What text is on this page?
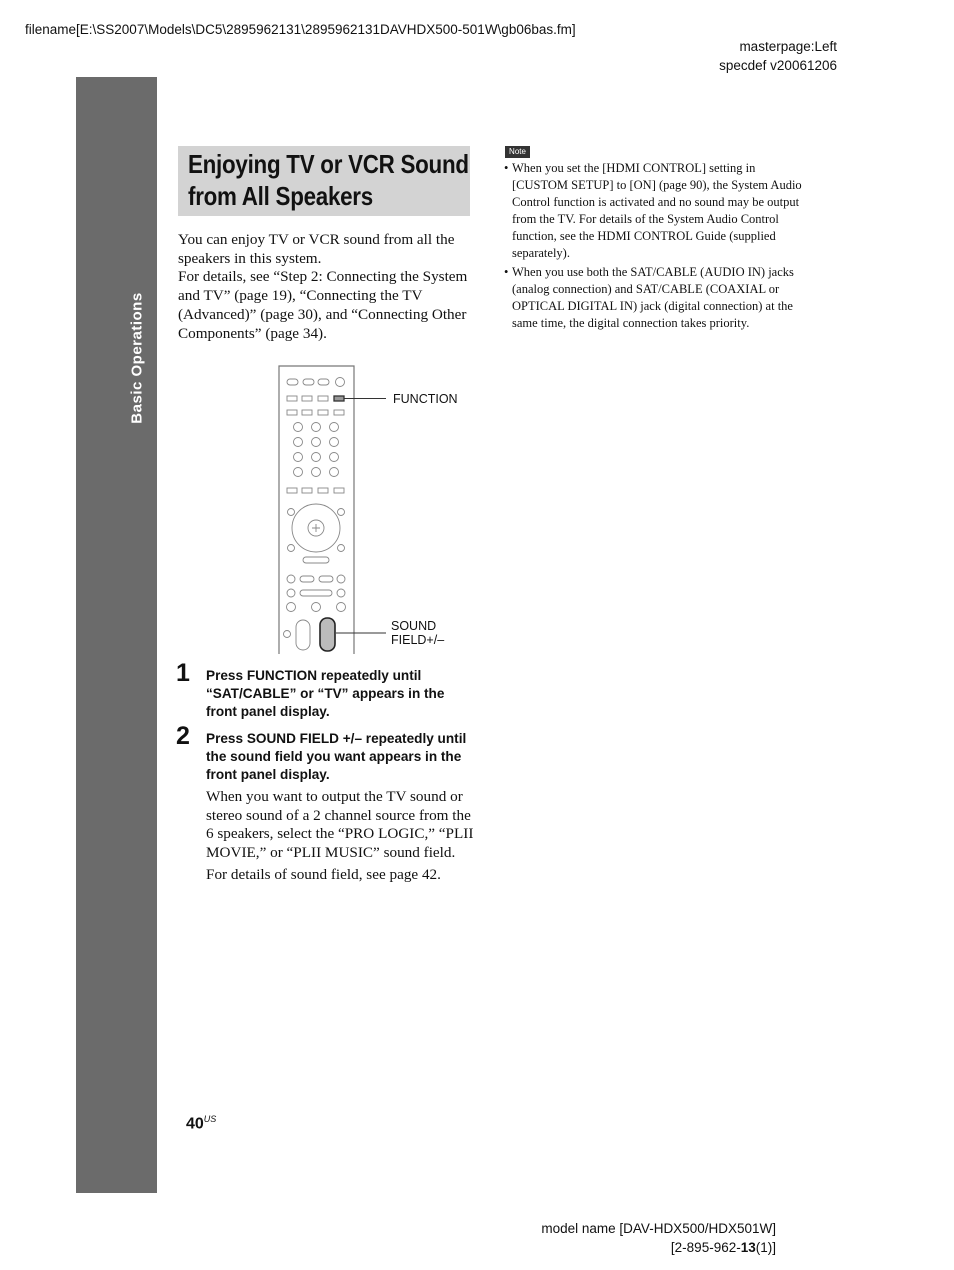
filename[E:\SS2007\Models\DC5\2895962131\2895962131DAVHDX500-501W\gb06bas.fm]
masterpage:Left
specdef v20061206
Basic Operations
Enjoying TV or VCR Sound
from All Speakers
You can enjoy TV or VCR sound from all the speakers in this system.
For details, see “Step 2: Connecting the System and TV” (page 19), “Connecting the TV (Advanced)” (page 30), and “Connecting Other Components” (page 34).
FUNCTION
SOUND
FIELD+/–
1 Press FUNCTION repeatedly until “SAT/CABLE” or “TV” appears in the front panel display.
2 Press SOUND FIELD +/– repeatedly until the sound field you want appears in the front panel display.
When you want to output the TV sound or stereo sound of a 2 channel source from the 6 speakers, select the “PRO LOGIC,” “PLII MOVIE,” or “PLII MUSIC” sound field.
For details of sound field, see page 42.
Note
• When you set the [HDMI CONTROL] setting in [CUSTOM SETUP] to [ON] (page 90), the System Audio Control function is activated and no sound may be output from the TV. For details of the System Audio Control function, see the HDMI CONTROL Guide (supplied separately).
• When you use both the SAT/CABLE (AUDIO IN) jacks (analog connection) and SAT/CABLE (COAXIAL or OPTICAL DIGITAL IN) jack (digital connection) at the same time, the digital connection takes priority.
$40^{US}$
model name [DAV-HDX500/HDX501W]
[2-895-962-13(1)]
